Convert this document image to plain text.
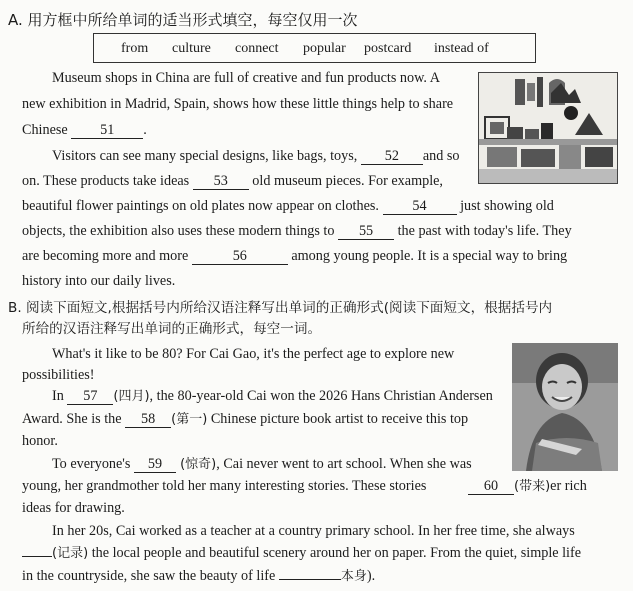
A. 用方框中所给单词的适当形式填空，每空仅用一次
from culture connect popular postcard instead of
Museum shops in China are full of creative and fun products now. A
new exhibition in Madrid, Spain, shows how these little things help to share
Chinese 51 .
Visitors can see many special designs, like bags, toys, 52 and so
on. These products take ideas 53 old museum pieces. For example,
beautiful flower paintings on old plates now appear on clothes. 54 just showing old
objects, the exhibition also uses these modern things to 55 the past with today's life. They
are becoming more and more	56	among young people. It is a special way to bring
history into our daily lives.
B. 阅读下面短文,根据括号内所给汉语注释写出单词的正确形式(阅读下面短文，根据括号内
所给的汉语注释写出单词的正确形式，每空一词。
What's it like to be 80? For Cai Gao, it's the perfect age to explore new
possibilities!
In 57 (四月), the 80-year-old Cai won the 2026 Hans Christian Andersen
Award. She is the 58 (第一) Chinese picture book artist to receive this top
honor.
To everyone's 59 (惊奇), Cai never went to art school. When she was
young, her grandmother told her many interesting stories. These stories	60 (带来)er rich
ideas for drawing.
In her 20s, Cai worked as a teacher at a country primary school. In her free time, she always
(记录) the local people and beautiful scenery around her on paper. From the quiet, simple life
in the countryside, she saw the beauty of life	本身).
